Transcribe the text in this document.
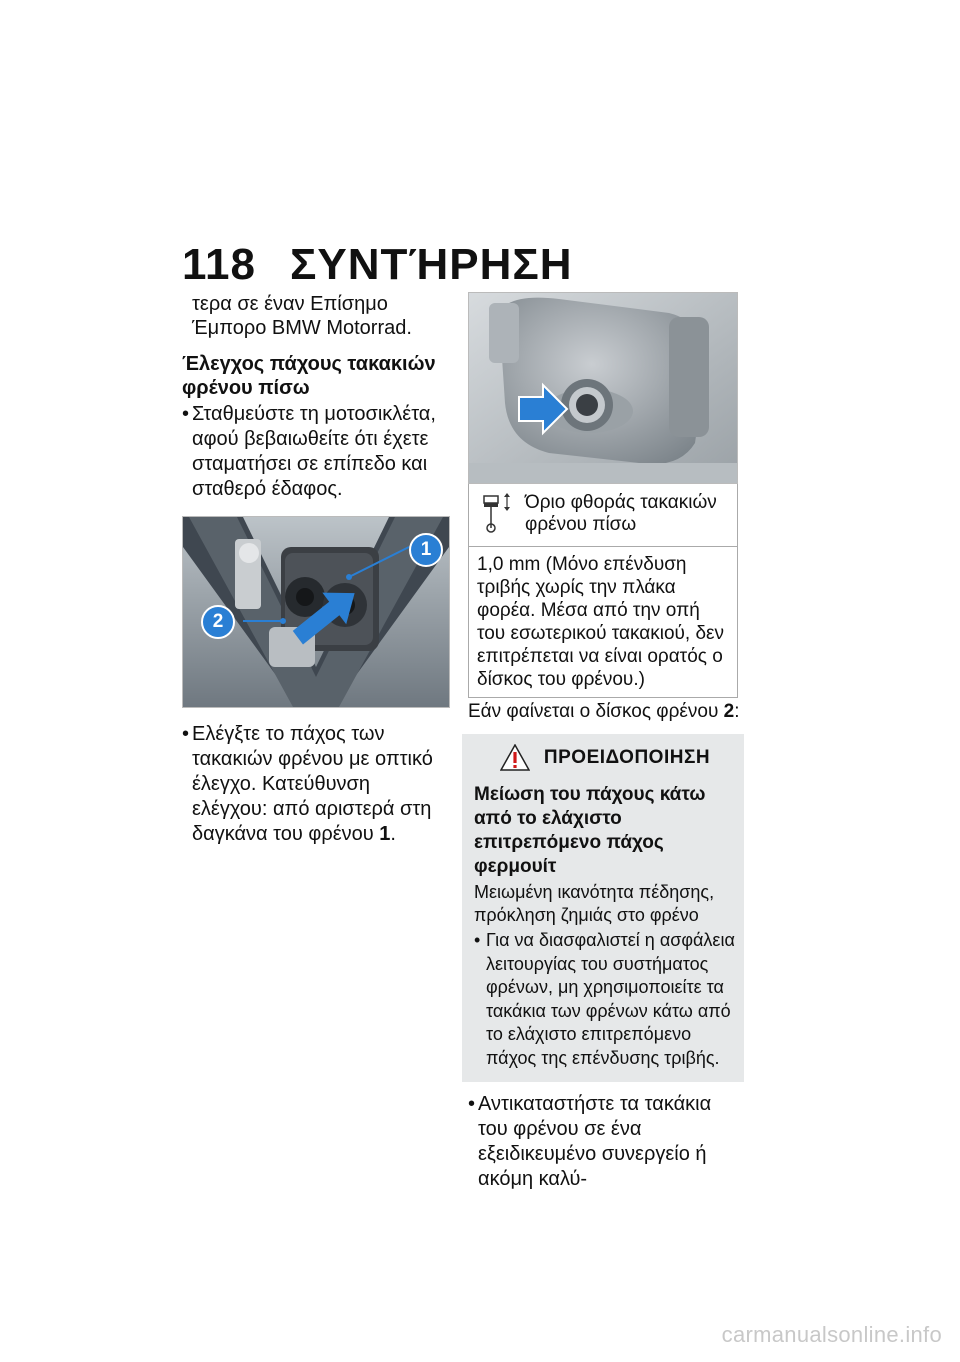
118 ΣΥΝΤΉΡΗΣΗ
τερα σε έναν Επίσημο Έμπορο BMW Motorrad.
Έλεγχος πάχους τακακιών φρένου πίσω
• Σταθμεύστε τη μοτοσικλέτα, αφού βεβαιωθείτε ότι έχετε σταματήσει σε επίπεδο και σταθερό έδαφος.
1
2
• Ελέγξτε το πάχος των τακακιών φρένου με οπτικό έλεγχο. Κατεύθυνση ελέγχου: από αριστερά στη δαγκάνα του φρένου 1.
Όριο φθοράς τακακιών φρένου πίσω
1,0 mm (Μόνο επένδυση τριβής χωρίς την πλάκα φορέα. Μέσα από την οπή του εσωτερικού τακακιού, δεν επιτρέπεται να είναι ορατός ο δίσκος του φρένου.)
Εάν φαίνεται ο δίσκος φρένου 2:
ΠΡΟΕΙΔΟΠΟΙΗΣΗ
Μείωση του πάχους κάτω από το ελάχιστο επιτρεπόμενο πάχος φερμουίτ
Μειωμένη ικανότητα πέδησης, πρόκληση ζημιάς στο φρένο
• Για να διασφαλιστεί η ασφάλεια λειτουργίας του συστήματος φρένων, μη χρησιμοποιείτε τα τακάκια των φρένων κάτω από το ελάχιστο επιτρεπόμενο πάχος της επένδυσης τριβής.
• Αντικαταστήστε τα τακάκια του φρένου σε ένα εξειδικευμένο συνεργείο ή ακόμη καλύ-
carmanualsonline.info
